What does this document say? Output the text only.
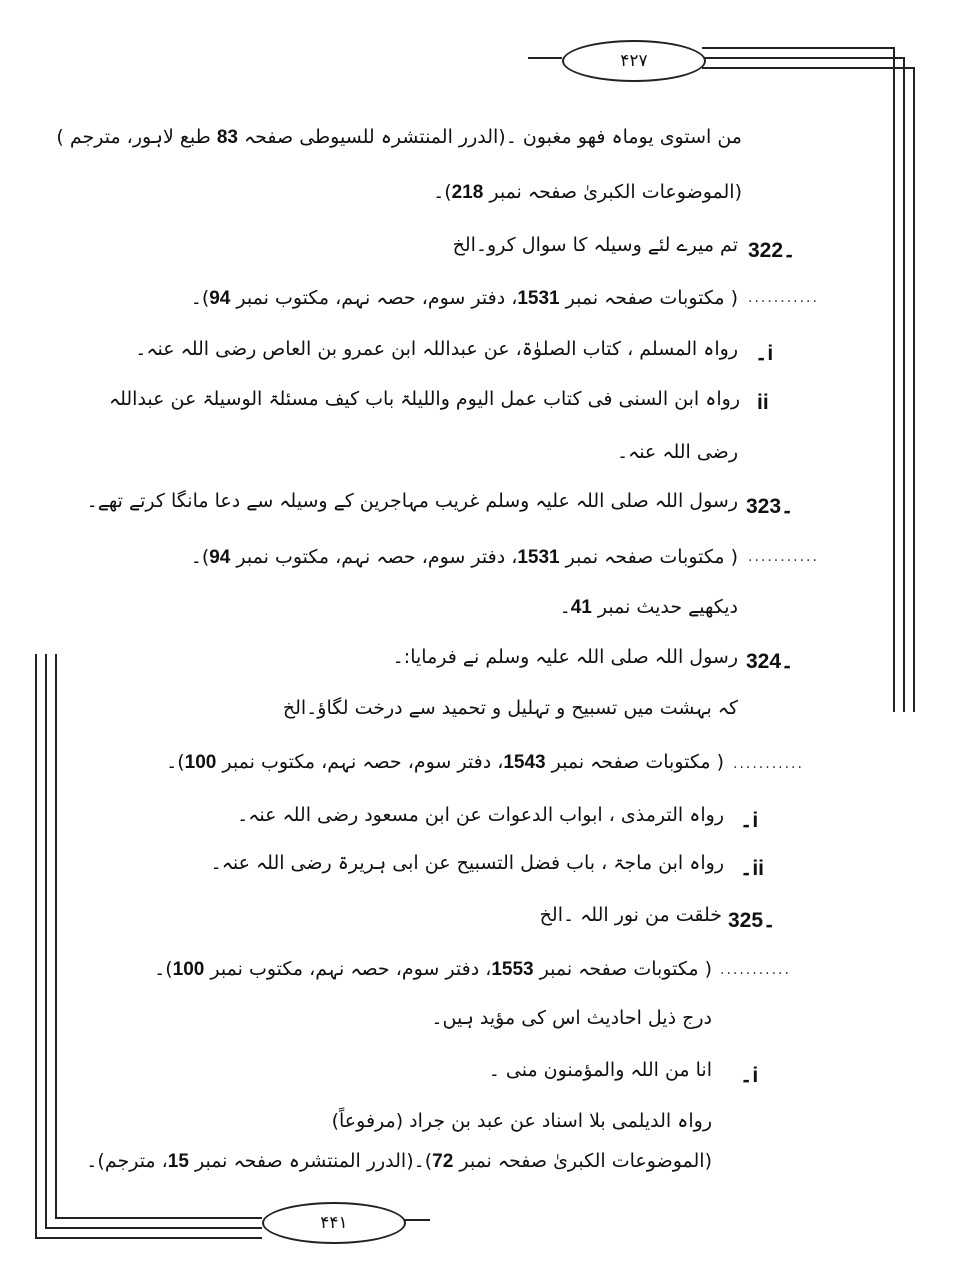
۴۲۷
۴۴۱
من استوی یوماہ فھو مغبون ۔(الدرر المنتشرہ للسیوطی صفحہ 83 طبع لاہور، مترجم )
(الموضوعات الکبریٰ صفحہ نمبر 218)۔
322۔
تم میرے لئے وسیلہ کا سوال کرو۔الخ
...........
( مکتوبات صفحہ نمبر 1531، دفتر سوم، حصہ نہم، مکتوب نمبر 94)۔
۔i
رواہ المسلم ، کتاب الصلوٰۃ، عن عبداللہ ابن عمرو بن العاص رضی اللہ عنہ۔
ii
رواہ ابن السنی فی کتاب عمل الیوم واللیلۃ باب کیف مسئلۃ الوسیلۃ عن عبداللہ
رضی اللہ عنہ۔
323۔
رسول اللہ صلی اللہ علیہ وسلم غریب مہاجرین کے وسیلہ سے دعا مانگا کرتے تھے۔
...........
( مکتوبات صفحہ نمبر 1531، دفتر سوم، حصہ نہم، مکتوب نمبر 94)۔
دیکھیے حدیث نمبر 41۔
324۔
رسول اللہ صلی اللہ علیہ وسلم نے فرمایا:۔
کہ بہشت میں تسبیح و تہلیل و تحمید سے درخت لگاؤ۔الخ
...........
( مکتوبات صفحہ نمبر 1543، دفتر سوم، حصہ نہم، مکتوب نمبر 100)۔
۔i
رواہ الترمذی ، ابواب الدعوات عن ابن مسعود رضی اللہ عنہ۔
۔ii
رواہ ابن ماجۃ ، باب فضل التسبیح عن ابی ہریرۃ رضی اللہ عنہ۔
325۔
خلقت من نور اللہ ۔الخ
...........
( مکتوبات صفحہ نمبر 1553، دفتر سوم، حصہ نہم، مکتوب نمبر 100)۔
درج ذیل احادیث اس کی مؤید ہیں۔
۔i
انا من اللہ والمؤمنون منی ۔
رواہ الدیلمی بلا اسناد عن عبد بن جراد (مرفوعاً)
(الموضوعات الکبریٰ صفحہ نمبر 72)۔(الدرر المنتشرہ صفحہ نمبر 15، مترجم)۔
